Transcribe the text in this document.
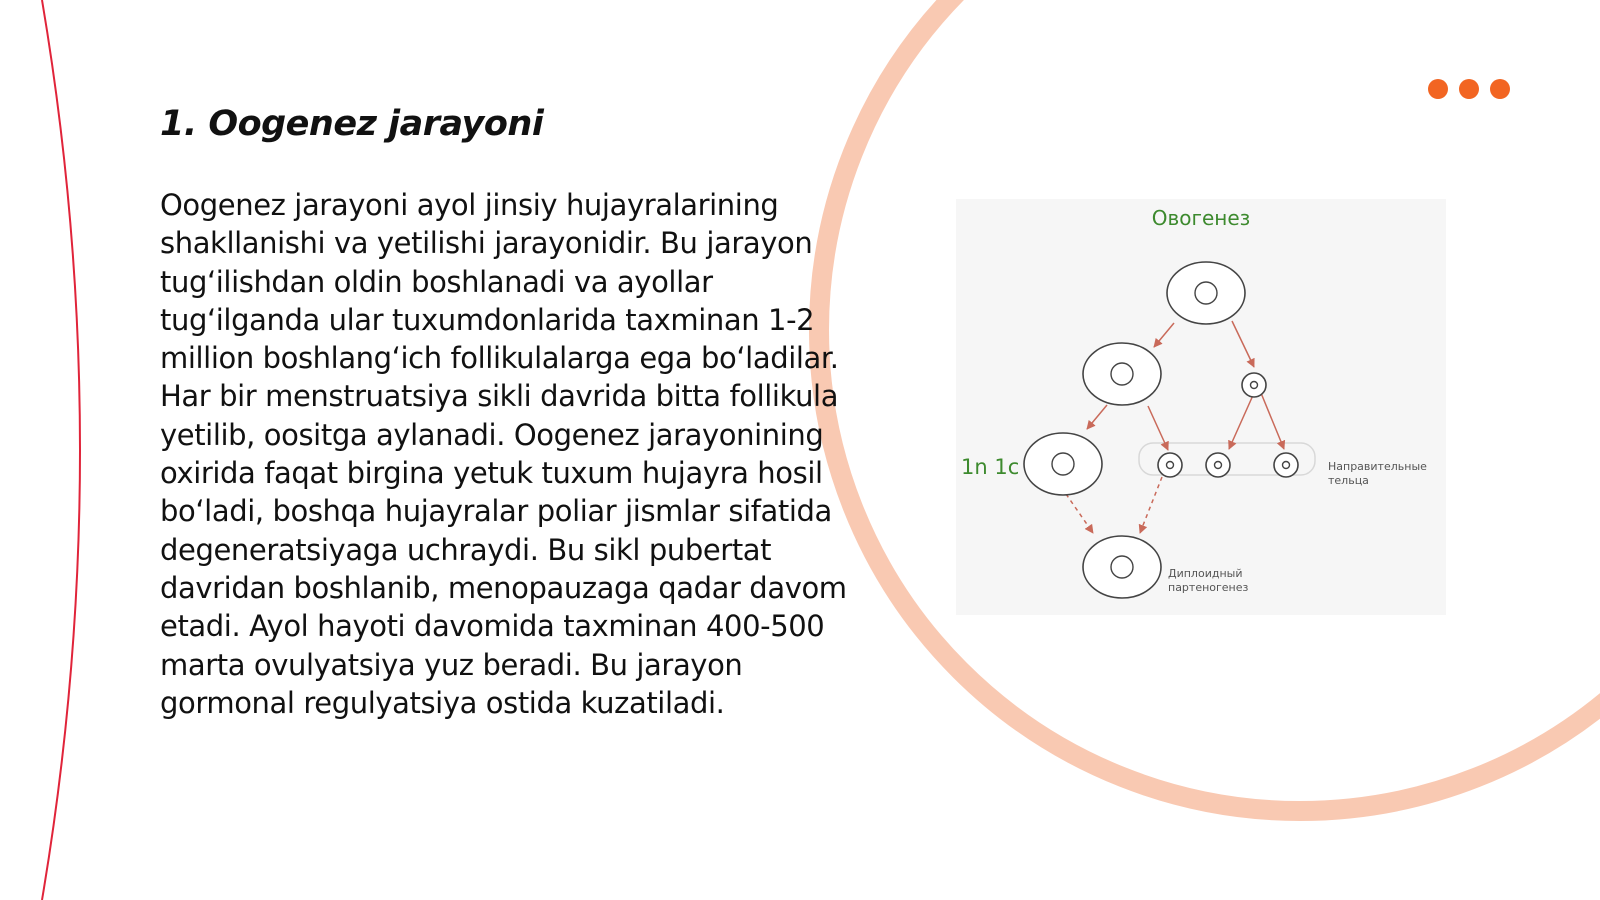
1. Oogenez jarayoni

Oogenez jarayoni ayol jinsiy hujayralarining shakllanishi va yetilishi jarayonidir. Bu jarayon tug‘ilishdan oldin boshlanadi va ayollar tug‘ilganda ular tuxumdonlarida taxminan 1-2 million boshlang‘ich follikulalarga ega bo‘ladilar. Har bir menstruatsiya sikli davrida bitta follikula yetilib, oositga aylanadi. Oogenez jarayonining oxirida faqat birgina yetuk tuxum hujayra hosil bo‘ladi, boshqa hujayralar poliar jismlar sifatida degeneratsiyaga uchraydi. Bu sikl pubertat davridan boshlanib, menopauzaga qadar davom etadi. Ayol hayoti davomida taxminan 400-500 marta ovulyatsiya yuz beradi. Bu jarayon gormonal regulyatsiya ostida kuzatiladi.

Овогенез
1n 1c	Направительные
тельца
Диплоидный
партеногенез
